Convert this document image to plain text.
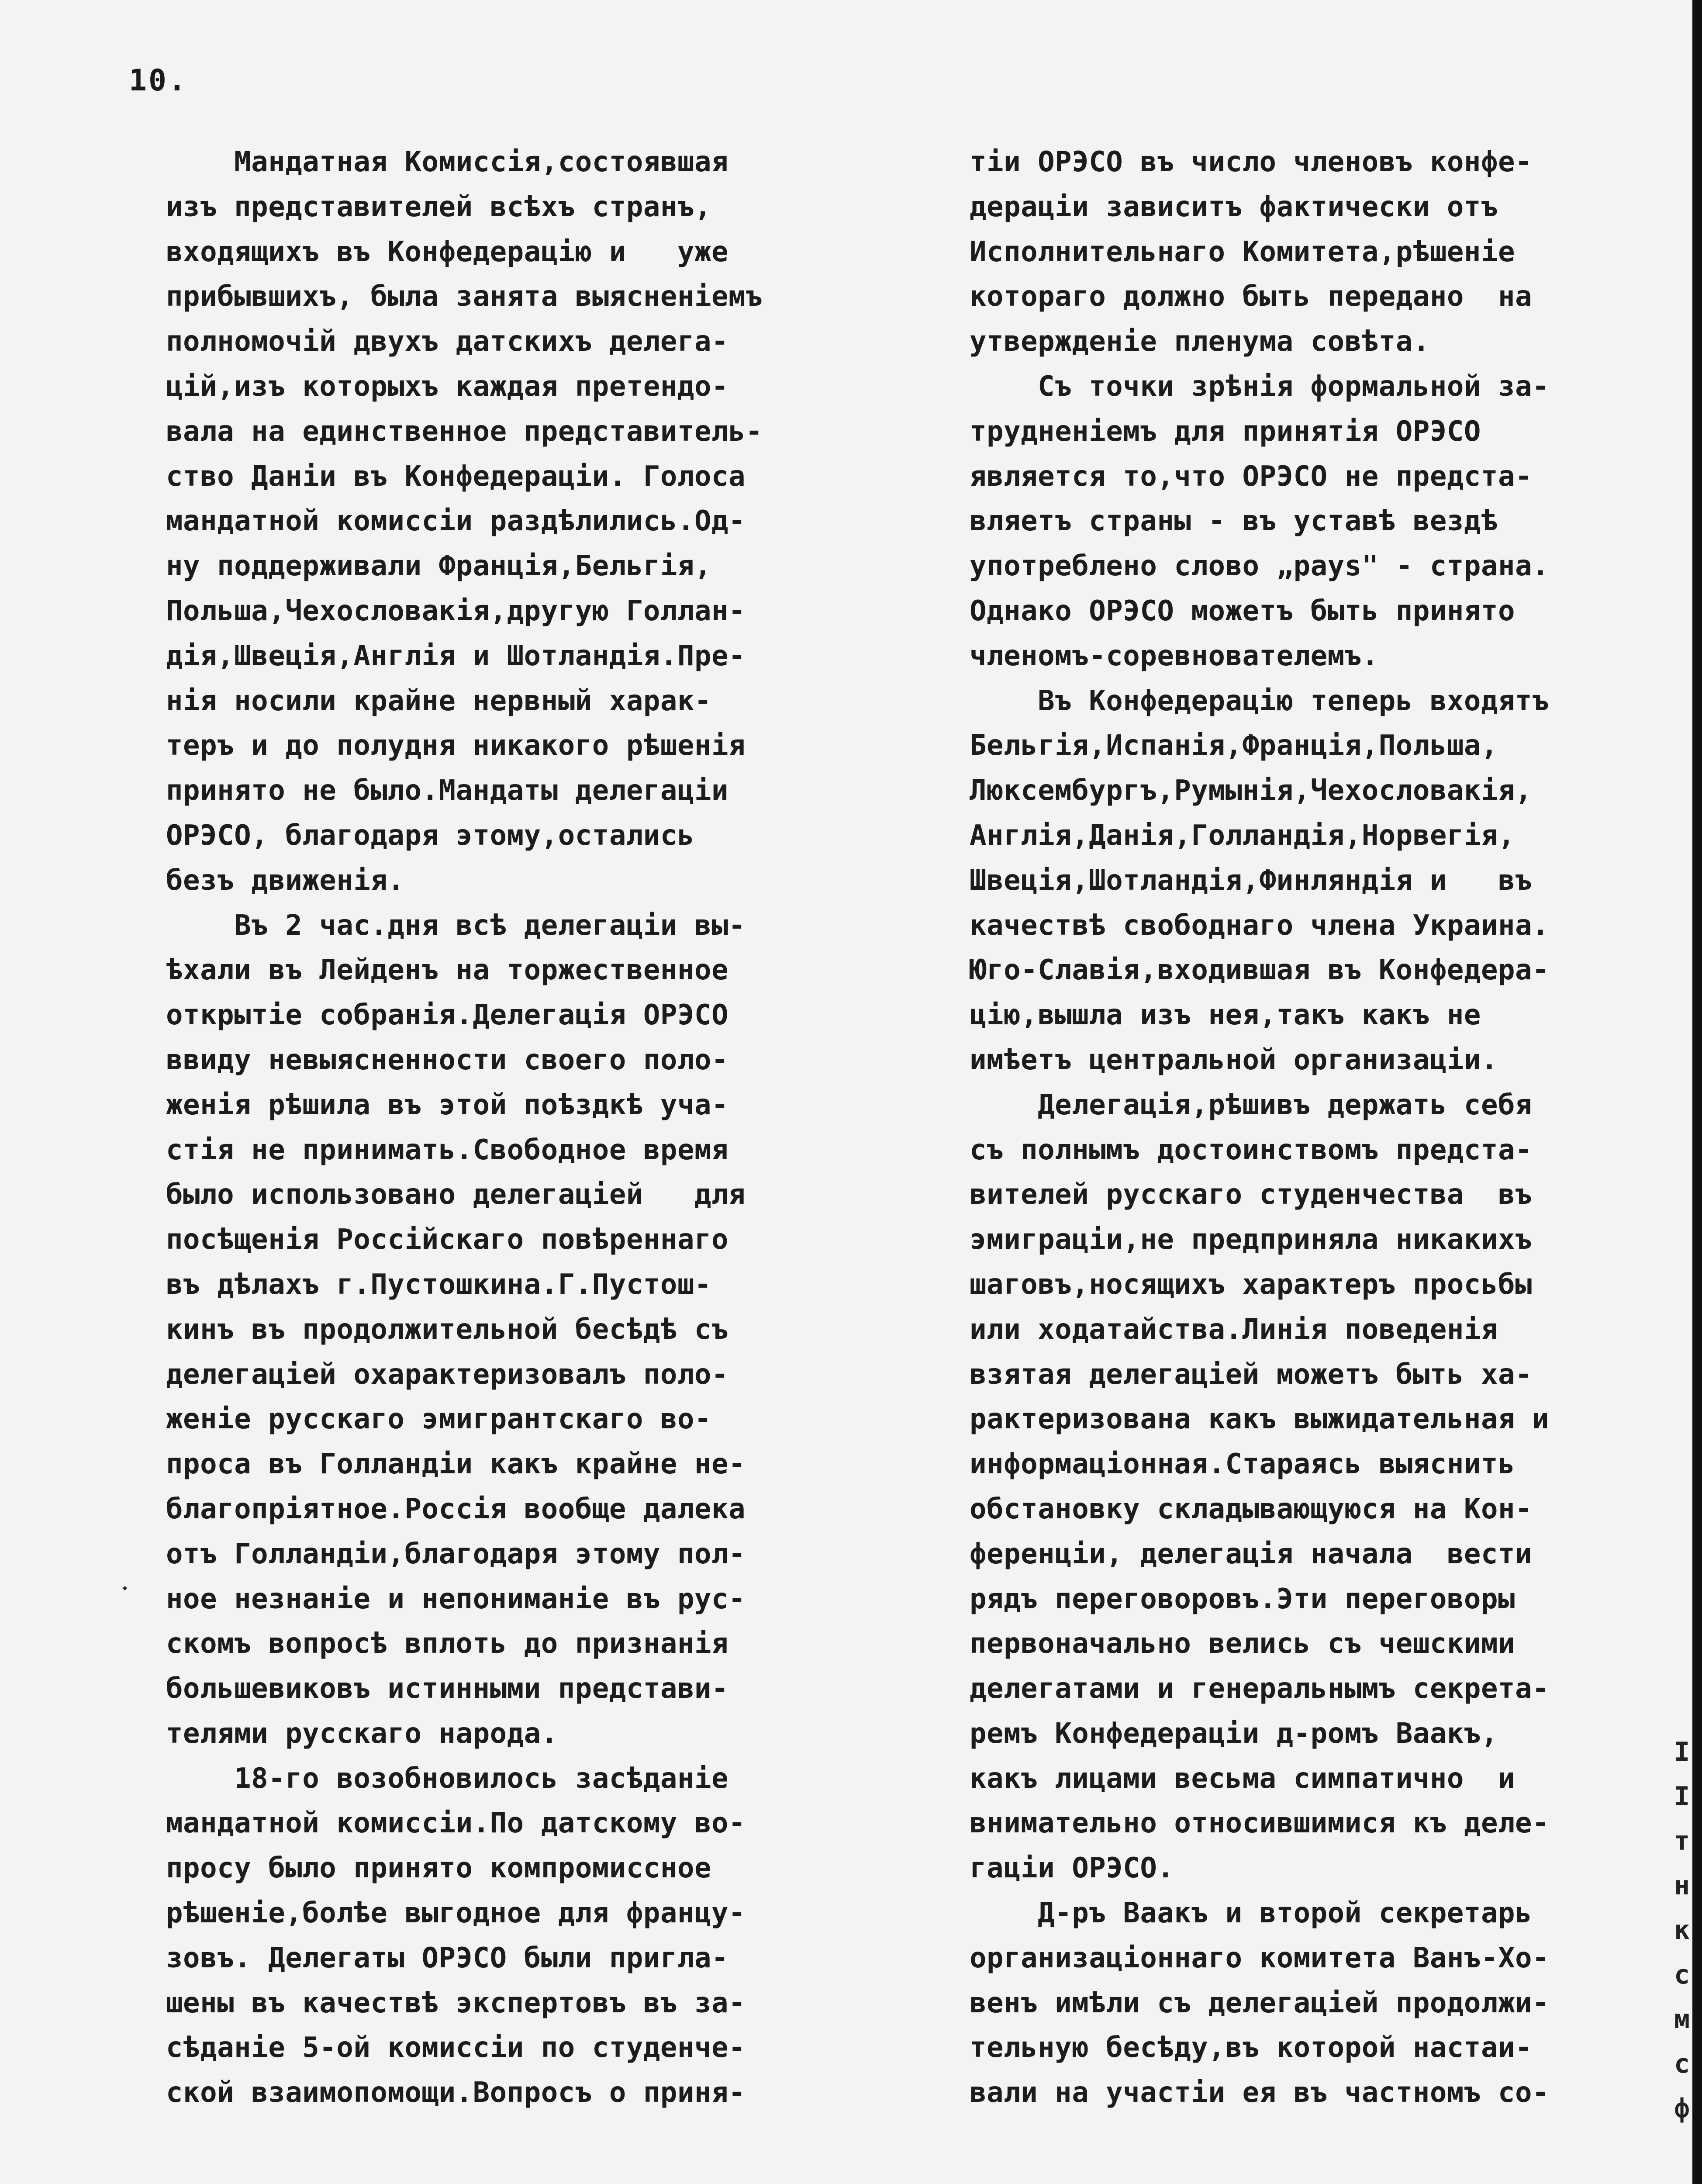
10.
Мандатная Комиссія,состоявшая
изъ представителей всѣхъ странъ,
входящихъ въ Конфедерацію и   уже
прибывшихъ, была занята выясненіемъ
полномочій двухъ датскихъ делега-
цій,изъ которыхъ каждая претендо-
вала на единственное представитель-
ство Даніи въ Конфедераціи. Голоса
мандатной комиссіи раздѣлились.Од-
ну поддерживали Франція,Бельгія,
Польша,Чехословакія,другую Голлан-
дія,Швеція,Англія и Шотландія.Пре-
нія носили крайне нервный харак-
теръ и до полудня никакого рѣшенія
принято не было.Мандаты делегаціи
ОРЭСО, благодаря этому,остались
безъ движенія.
Въ 2 час.дня всѣ делегаціи вы-
ѣхали въ Лейденъ на торжественное
открытіе собранія.Делегація ОРЭСО
ввиду невыясненности своего поло-
женія рѣшила въ этой поѣздкѣ уча-
стія не принимать.Свободное время
было использовано делегаціей   для
посѣщенія Россійскаго повѣреннаго
въ дѣлахъ г.Пустошкина.Г.Пустош-
кинъ въ продолжительной бесѣдѣ съ
делегаціей охарактеризовалъ поло-
женіе русскаго эмигрантскаго во-
проса въ Голландіи какъ крайне не-
благопріятное.Россія вообще далека
отъ Голландіи,благодаря этому пол-
ное незнаніе и непониманіе въ рус-
скомъ вопросѣ вплоть до признанія
большевиковъ истинными представи-
телями русскаго народа.
18-го возобновилось засѣданіе
мандатной комиссіи.По датскому во-
просу было принято компромиссное
рѣшеніе,болѣе выгодное для францу-
зовъ. Делегаты ОРЭСО были пригла-
шены въ качествѣ экспертовъ въ за-
сѣданіе 5-ой комиссіи по студенче-
ской взаимопомощи.Вопросъ о приня-
тіи ОРЭСО въ число членовъ конфе-
дераціи зависитъ фактически отъ
Исполнительнаго Комитета,рѣшеніе
котораго должно быть передано  на
утвержденіе пленума совѣта.
Съ точки зрѣнія формальной за-
трудненіемъ для принятія ОРЭСО
является то,что ОРЭСО не предста-
вляетъ страны - въ уставѣ вездѣ
употреблено слово „pays" - страна.
Однако ОРЭСО можетъ быть принято
членомъ-соревнователемъ.
Въ Конфедерацію теперь входятъ
Бельгія,Испанія,Франція,Польша,
Люксембургъ,Румынія,Чехословакія,
Англія,Данія,Голландія,Норвегія,
Швеція,Шотландія,Финляндія и   въ
качествѣ свободнаго члена Украина.
Юго-Славія,входившая въ Конфедера-
цію,вышла изъ нея,такъ какъ не
имѣетъ центральной организаціи.
Делегація,рѣшивъ держать себя
съ полнымъ достоинствомъ предста-
вителей русскаго студенчества  въ
эмиграціи,не предприняла никакихъ
шаговъ,носящихъ характеръ просьбы
или ходатайства.Линія поведенія
взятая делегаціей можетъ быть ха-
рактеризована какъ выжидательная и
информаціонная.Стараясь выяснить
обстановку складывающуюся на Кон-
ференціи, делегація начала  вести
рядъ переговоровъ.Эти переговоры
первоначально велись съ чешскими
делегатами и генеральнымъ секрета-
ремъ Конфедераціи д-ромъ Ваакъ,
какъ лицами весьма симпатично  и
внимательно относившимися къ деле-
гаціи ОРЭСО.
Д-ръ Ваакъ и второй секретарь
организаціоннаго комитета Ванъ-Хо-
венъ имѣли съ делегаціей продолжи-
тельную бесѣду,въ которой настаи-
вали на участіи ея въ частномъ со-
I
I
т
н
к
с
м
с
ф
